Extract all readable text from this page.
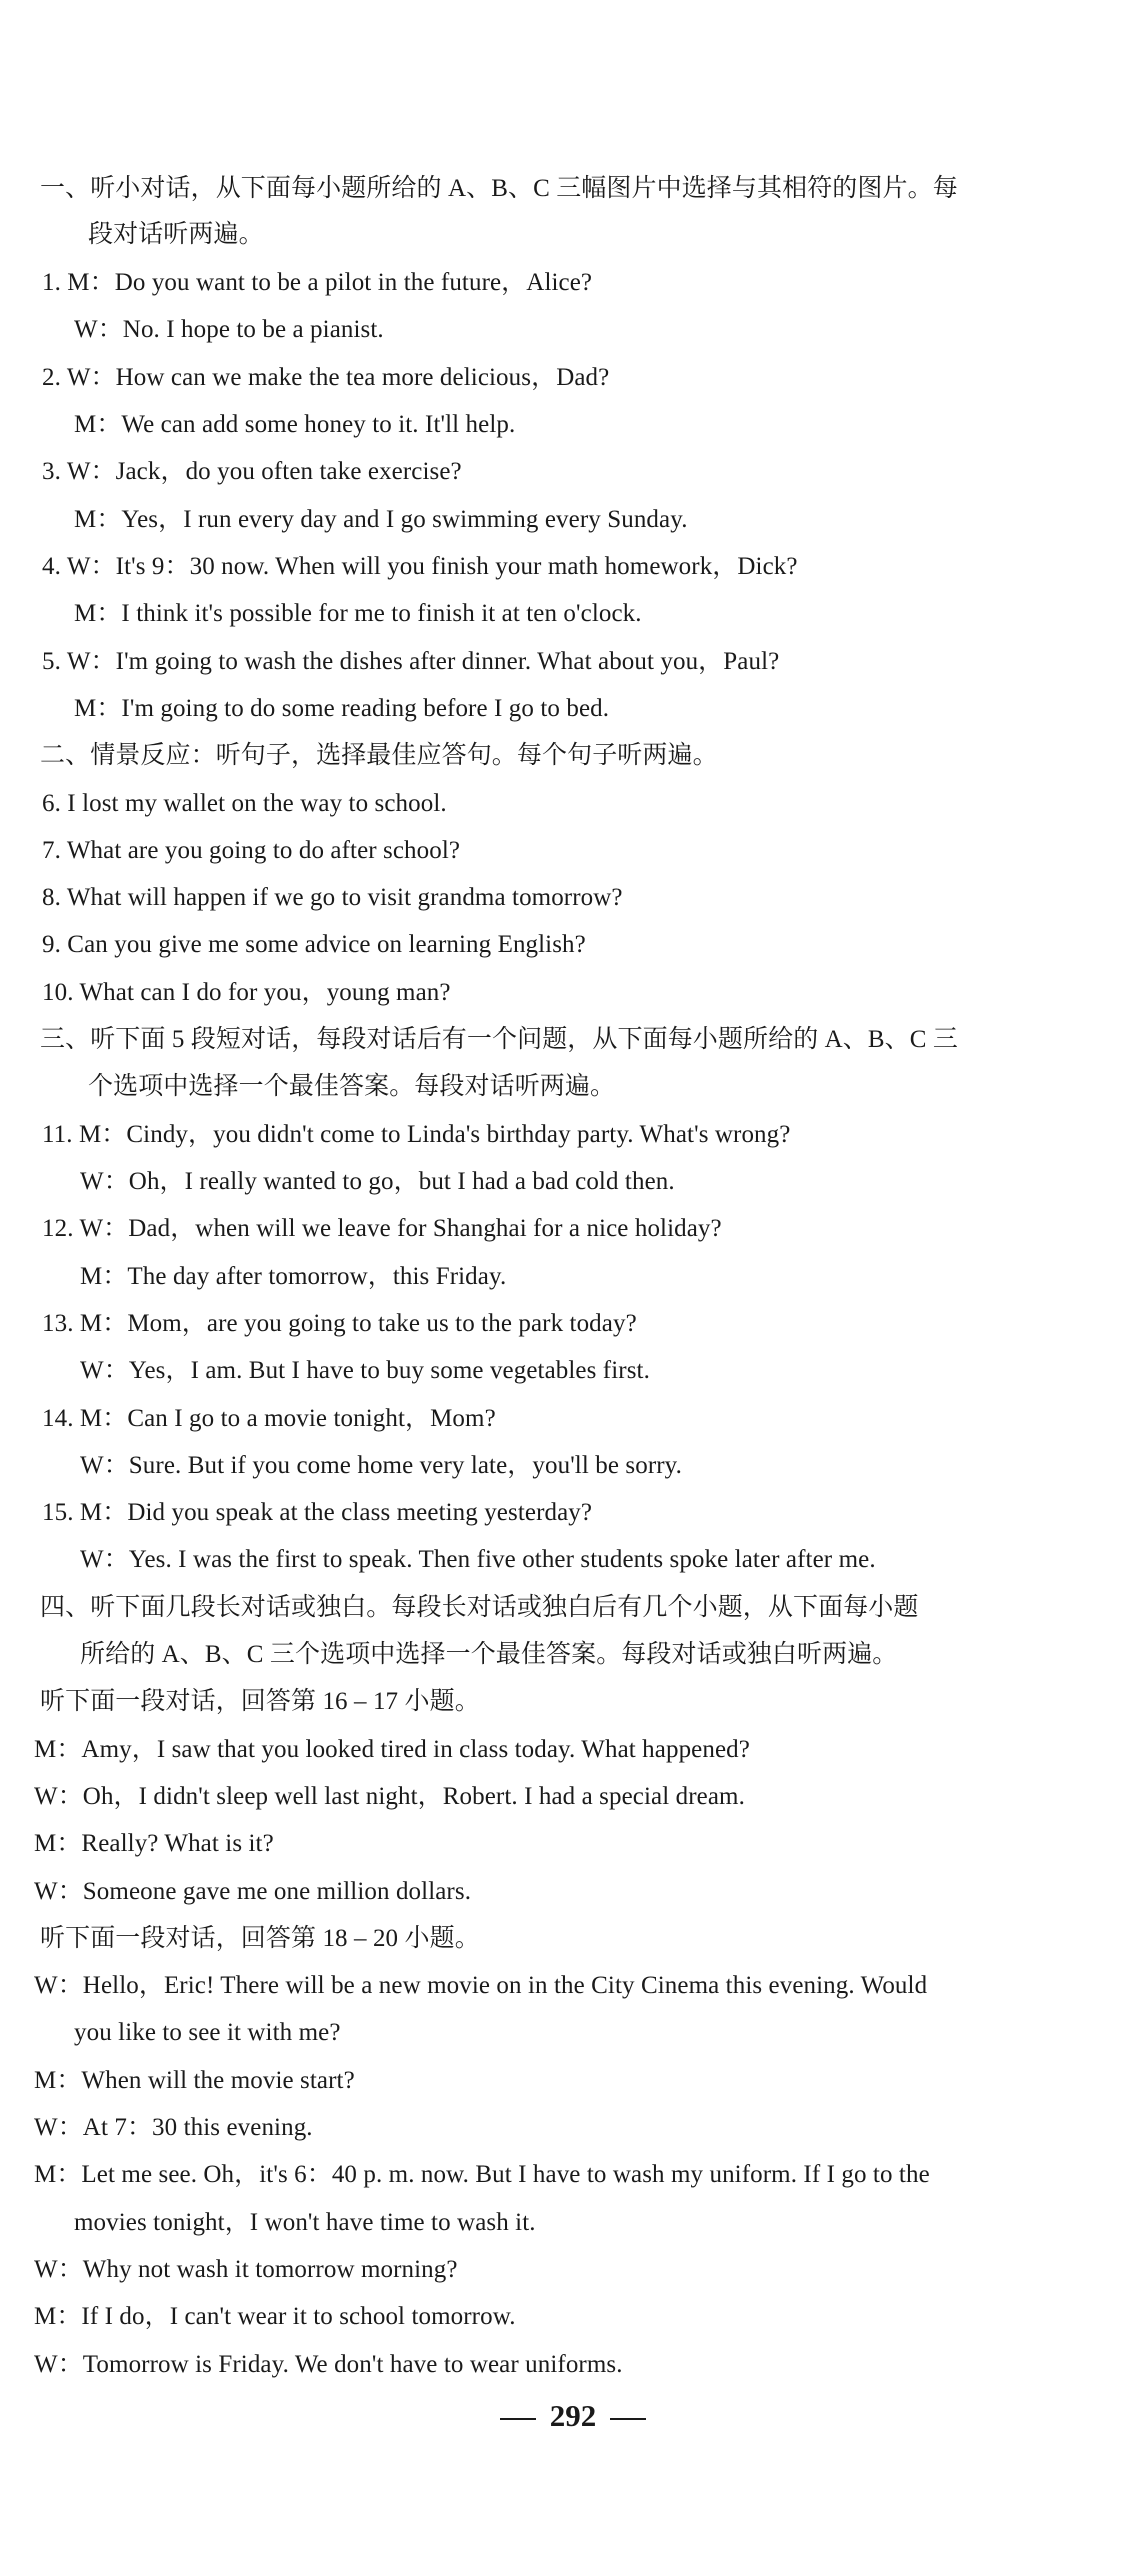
一、听小对话，从下面每小题所给的 A、B、C 三幅图片中选择与其相符的图片。每
段对话听两遍。
1. M：Do you want to be a pilot in the future，Alice?
W：No. I hope to be a pianist.
2. W：How can we make the tea more delicious，Dad?
M：We can add some honey to it. It'll help.
3. W：Jack，do you often take exercise?
M：Yes，I run every day and I go swimming every Sunday.
4. W：It's 9：30 now. When will you finish your math homework，Dick?
M：I think it's possible for me to finish it at ten o'clock.
5. W：I'm going to wash the dishes after dinner. What about you，Paul?
M：I'm going to do some reading before I go to bed.
二、情景反应：听句子，选择最佳应答句。每个句子听两遍。
6. I lost my wallet on the way to school.
7. What are you going to do after school?
8. What will happen if we go to visit grandma tomorrow?
9. Can you give me some advice on learning English?
10. What can I do for you，young man?
三、听下面 5 段短对话，每段对话后有一个问题，从下面每小题所给的 A、B、C 三
个选项中选择一个最佳答案。每段对话听两遍。
11. M：Cindy，you didn't come to Linda's birthday party. What's wrong?
W：Oh，I really wanted to go，but I had a bad cold then.
12. W：Dad，when will we leave for Shanghai for a nice holiday?
M：The day after tomorrow，this Friday.
13. M：Mom，are you going to take us to the park today?
W：Yes，I am. But I have to buy some vegetables first.
14. M：Can I go to a movie tonight，Mom?
W：Sure. But if you come home very late，you'll be sorry.
15. M：Did you speak at the class meeting yesterday?
W：Yes. I was the first to speak. Then five other students spoke later after me.
四、听下面几段长对话或独白。每段长对话或独白后有几个小题，从下面每小题
所给的 A、B、C 三个选项中选择一个最佳答案。每段对话或独白听两遍。
听下面一段对话，回答第 16 – 17 小题。
M：Amy，I saw that you looked tired in class today. What happened?
W：Oh，I didn't sleep well last night，Robert. I had a special dream.
M：Really? What is it?
W：Someone gave me one million dollars.
听下面一段对话，回答第 18 – 20 小题。
W：Hello，Eric! There will be a new movie on in the City Cinema this evening. Would
you like to see it with me?
M：When will the movie start?
W：At 7：30 this evening.
M：Let me see. Oh，it's 6：40 p. m. now. But I have to wash my uniform. If I go to the
movies tonight，I won't have time to wash it.
W：Why not wash it tomorrow morning?
M：If I do，I can't wear it to school tomorrow.
W：Tomorrow is Friday. We don't have to wear uniforms.
292
